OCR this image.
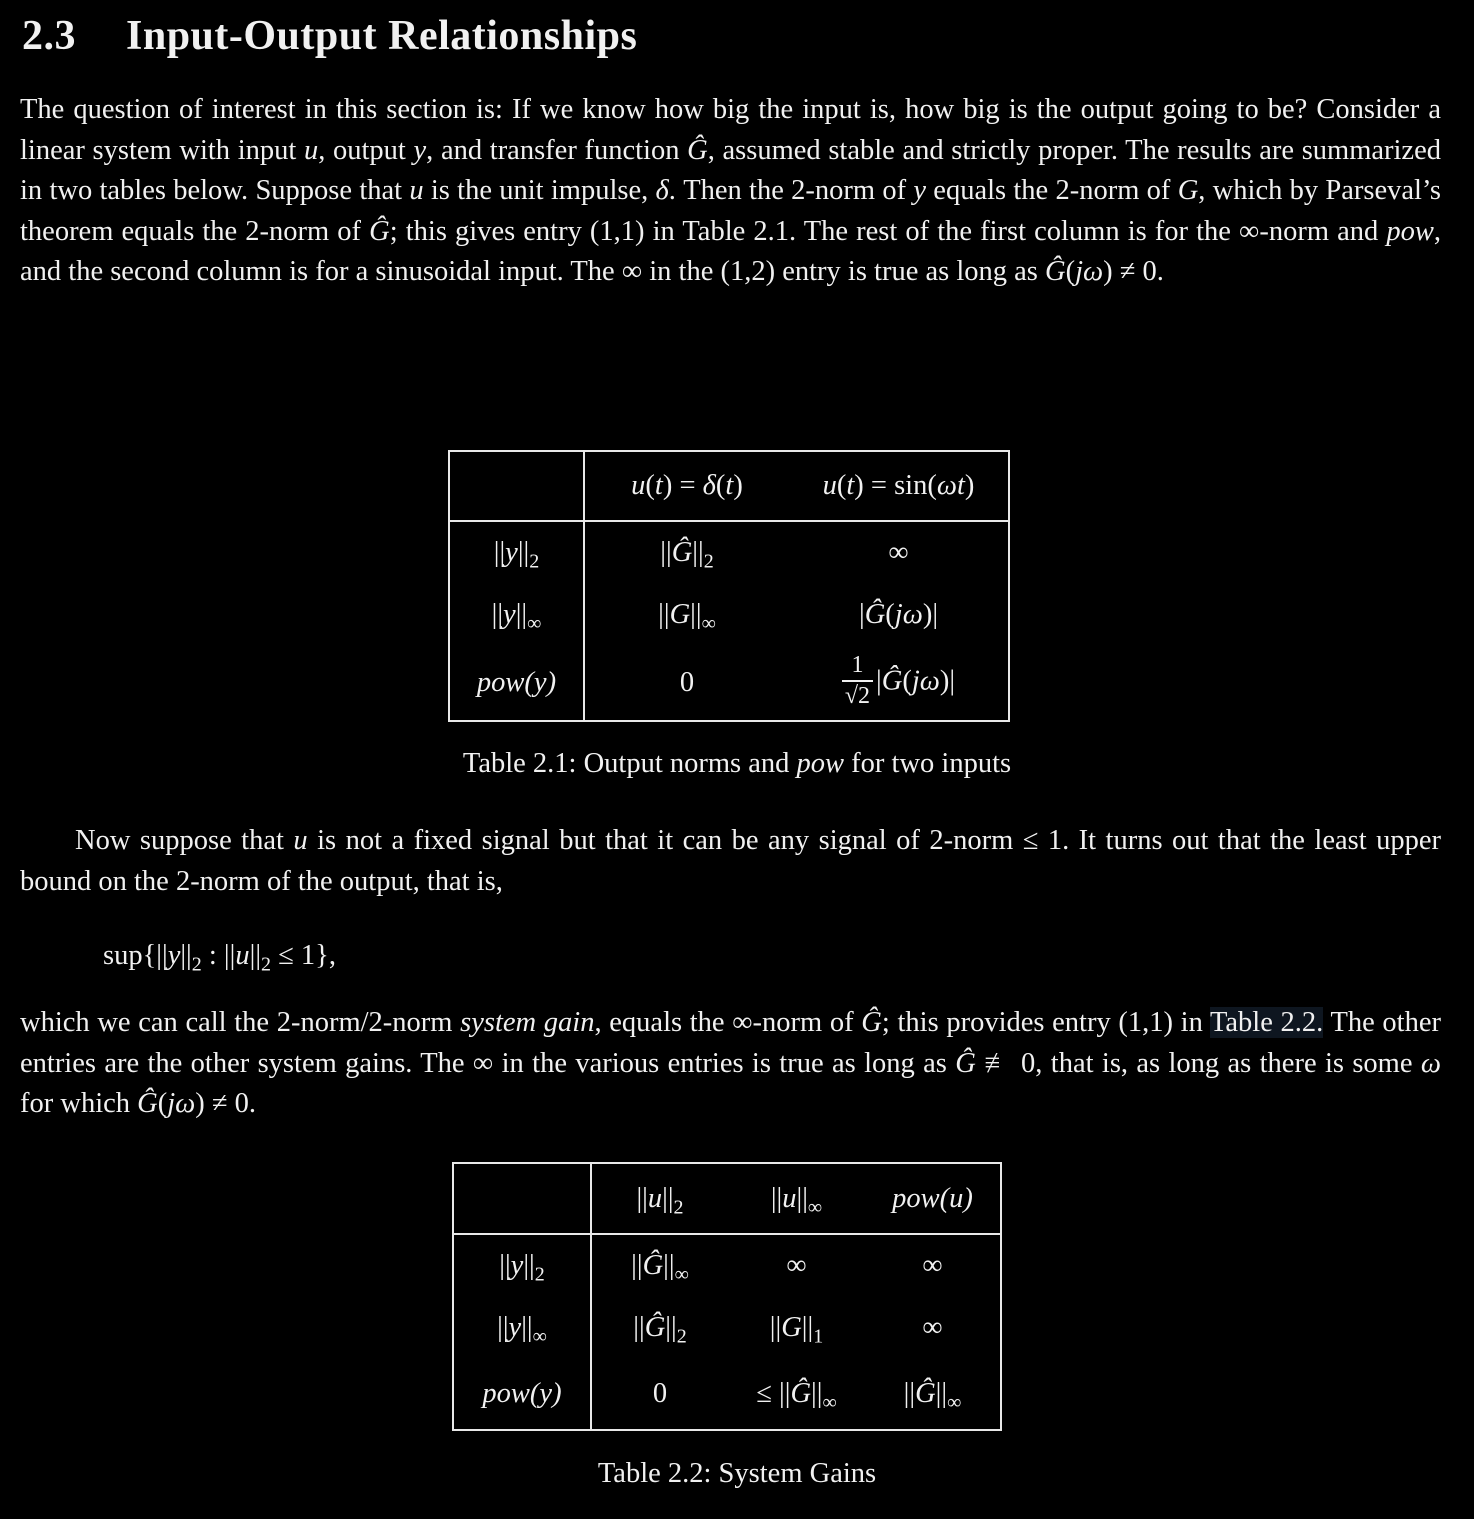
2.3 Input-Output Relationships

The question of interest in this section is: If we know how big the input is, how big is the output going to be? Consider a linear system with input u, output y, and transfer function Ĝ, assumed stable and strictly proper. The results are summarized in two tables below. Suppose that u is the unit impulse, δ. Then the 2-norm of y equals the 2-norm of G, which by Parseval’s theorem equals the 2-norm of Ĝ; this gives entry (1,1) in Table 2.1. The rest of the first column is for the ∞-norm and pow, and the second column is for a sinusoidal input. The ∞ in the (1,2) entry is true as long as Ĝ(jω) ≠ 0.

	u(t) = δ(t)	u(t) = sin(ωt)
$||y||_2$	$||Ĝ||_2$	∞
$||y||_\infty$	$||G||_\infty$	|Ĝ(jω)|
pow(y)	0	$\frac{1}{√2}$ |Ĝ(jω)|
Table 2.1: Output norms and pow for two inputs

Now suppose that u is not a fixed signal but that it can be any signal of 2-norm ≤ 1. It turns out that the least upper bound on the 2-norm of the output, that is,

$sup\{||y||_2$ : $||u||_2 \le 1$},

which we can call the 2-norm/2-norm system gain, equals the ∞-norm of Ĝ; this provides entry (1,1) in Table 2.2. The other entries are the other system gains. The ∞ in the various entries is true as long as Ĝ ≢ 0, that is, as long as there is some ω for which Ĝ(jω) ≠ 0.

	$||u||_2$	$||u||_\infty$	pow(u)
$||y||_2$	$||Ĝ||_\infty$	∞	∞
$||y||_\infty$	$||Ĝ||_2$	$||G||_1$	∞
pow(y)	0	≤ $||Ĝ||_\infty$	$||Ĝ||_\infty$
Table 2.2: System Gains
